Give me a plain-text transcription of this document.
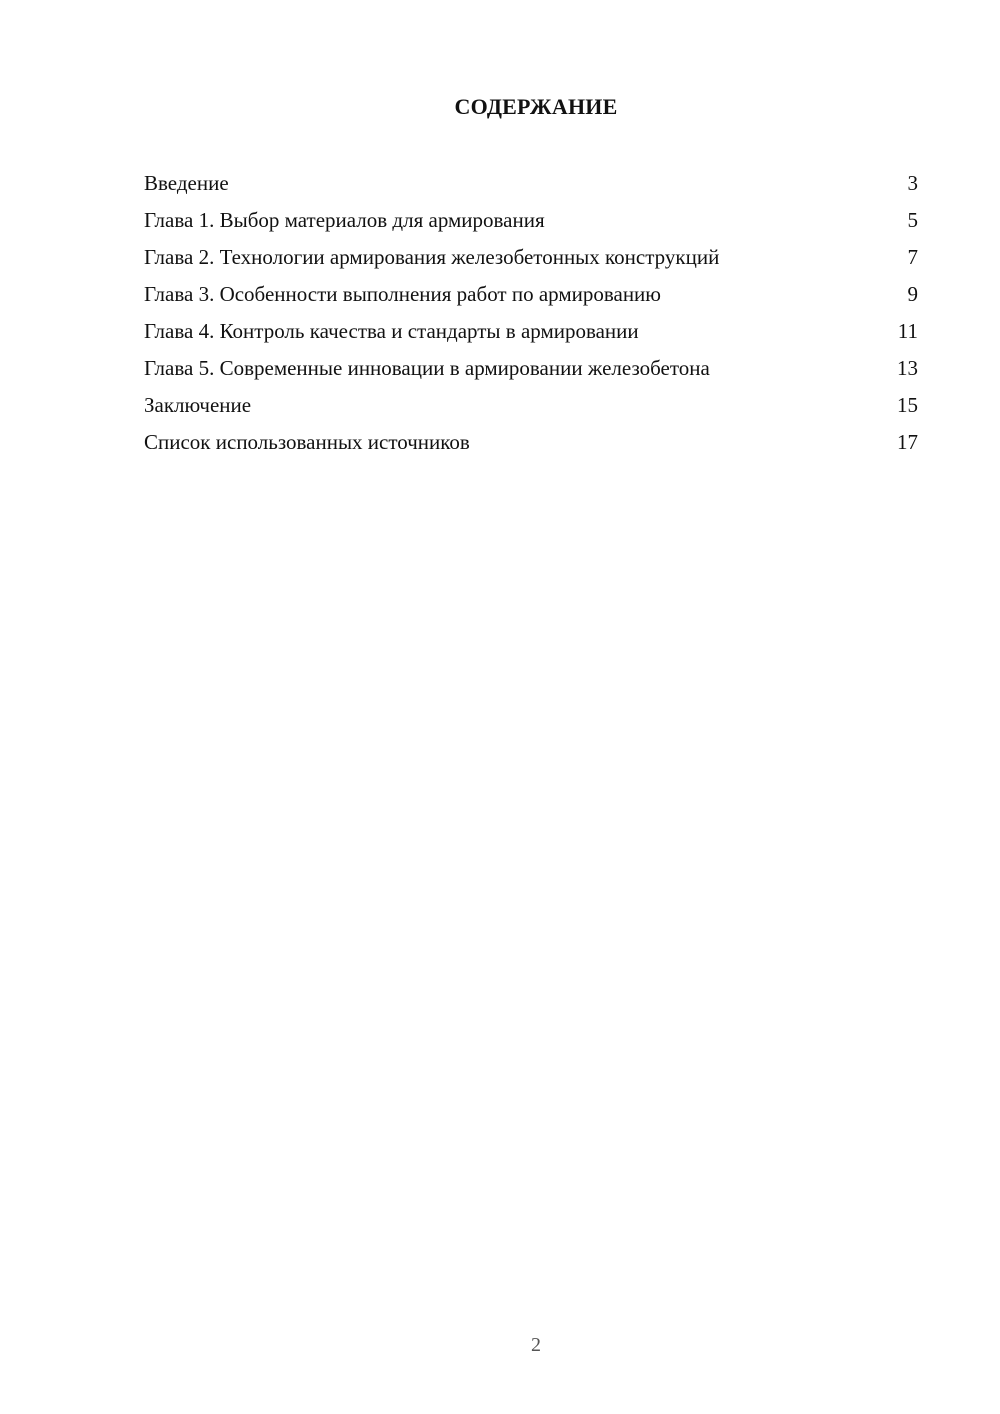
СОДЕРЖАНИЕ
Введение	3
Глава 1. Выбор материалов для армирования	5
Глава 2. Технологии армирования железобетонных конструкций	7
Глава 3. Особенности выполнения работ по армированию	9
Глава 4. Контроль качества и стандарты в армировании	11
Глава 5. Современные инновации в армировании железобетона	13
Заключение	15
Список использованных источников	17
2
